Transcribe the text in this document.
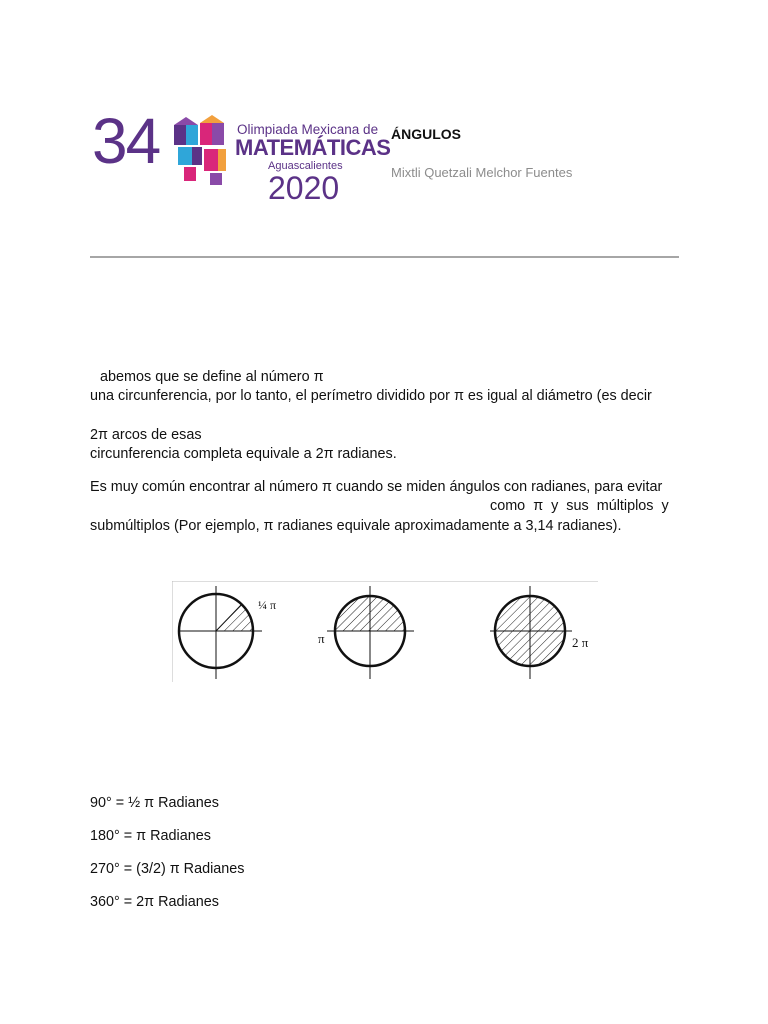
34	Olimpiada Mexicana de
MATEMÁTICAS
Aguascalientes
2020
ÁNGULOS
Mixtli Quetzali Melchor Fuentes
abemos que se define al número π
una circunferencia, por lo tanto, el perímetro dividido por π es igual al diámetro (es decir
2π arcos de esas
circunferencia completa equivale a 2π radianes.
Es muy común encontrar al número π cuando se miden ángulos con radianes, para evitar
como π y sus múltiplos y
submúltiplos (Por ejemplo, π radianes equivale aproximadamente a 3,14 radianes).
¼ π
π	2 π
90° = ½ π Radianes
180° = π Radianes
270° = (3/2) π Radianes
360° = 2π Radianes
